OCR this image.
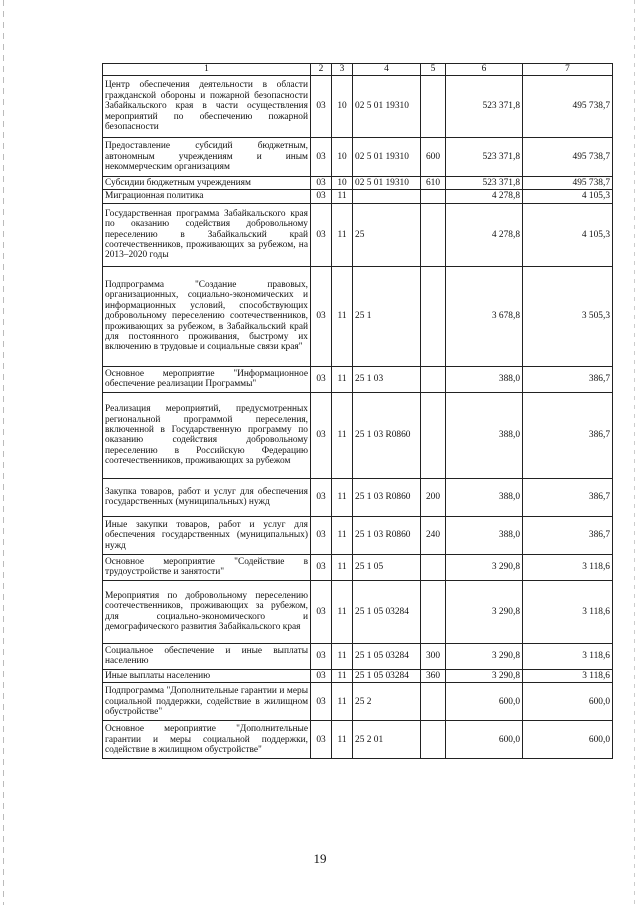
1	2	3	4	5	6	7
Центр обеспечения деятельности в области гражданской обороны и пожарной безопасности Забайкальского края в части осуществления мероприятий по обеспечению пожарной безопасности	03	10	02 5 01 19310		523 371,8	495 738,7
Предоставление субсидий бюджетным, автономным учреждениям и иным некоммерческим организациям	03	10	02 5 01 19310	600	523 371,8	495 738,7
Субсидии бюджетным учреждениям	03	10	02 5 01 19310	610	523 371,8	495 738,7
Миграционная политика	03	11			4 278,8	4 105,3
Государственная программа Забайкальского края по оказанию содействия добровольному переселению в Забайкальский край соотечественников, проживающих за рубежом, на 2013–2020 годы	03	11	25		4 278,8	4 105,3
Подпрограмма "Создание правовых, организационных, социально-экономических и информационных условий, способствующих добровольному переселению соотечественников, проживающих за рубежом, в Забайкальский край для постоянного проживания, быстрому их включению в трудовые и социальные связи края"	03	11	25 1		3 678,8	3 505,3
Основное мероприятие "Информационное обеспечение реализации Программы"	03	11	25 1 03		388,0	386,7
Реализация мероприятий, предусмотренных региональной программой переселения, включенной в Государственную программу по оказанию содействия добровольному переселению в Российскую Федерацию соотечественников, проживающих за рубежом	03	11	25 1 03 R0860		388,0	386,7
Закупка товаров, работ и услуг для обеспечения государственных (муниципальных) нужд	03	11	25 1 03 R0860	200	388,0	386,7
Иные закупки товаров, работ и услуг для обеспечения государственных (муниципальных) нужд	03	11	25 1 03 R0860	240	388,0	386,7
Основное мероприятие "Содействие в трудоустройстве и занятости"	03	11	25 1 05		3 290,8	3 118,6
Мероприятия по добровольному переселению соотечественников, проживающих за рубежом, для социально-экономического и демографического развития Забайкальского края	03	11	25 1 05 03284		3 290,8	3 118,6
Социальное обеспечение и иные выплаты населению	03	11	25 1 05 03284	300	3 290,8	3 118,6
Иные выплаты населению	03	11	25 1 05 03284	360	3 290,8	3 118,6
Подпрограмма "Дополнительные гарантии и меры социальной поддержки, содействие в жилищном обустройстве"	03	11	25 2		600,0	600,0
Основное мероприятие "Дополнительные гарантии и меры социальной поддержки, содействие в жилищном обустройстве"	03	11	25 2 01		600,0	600,0
19
